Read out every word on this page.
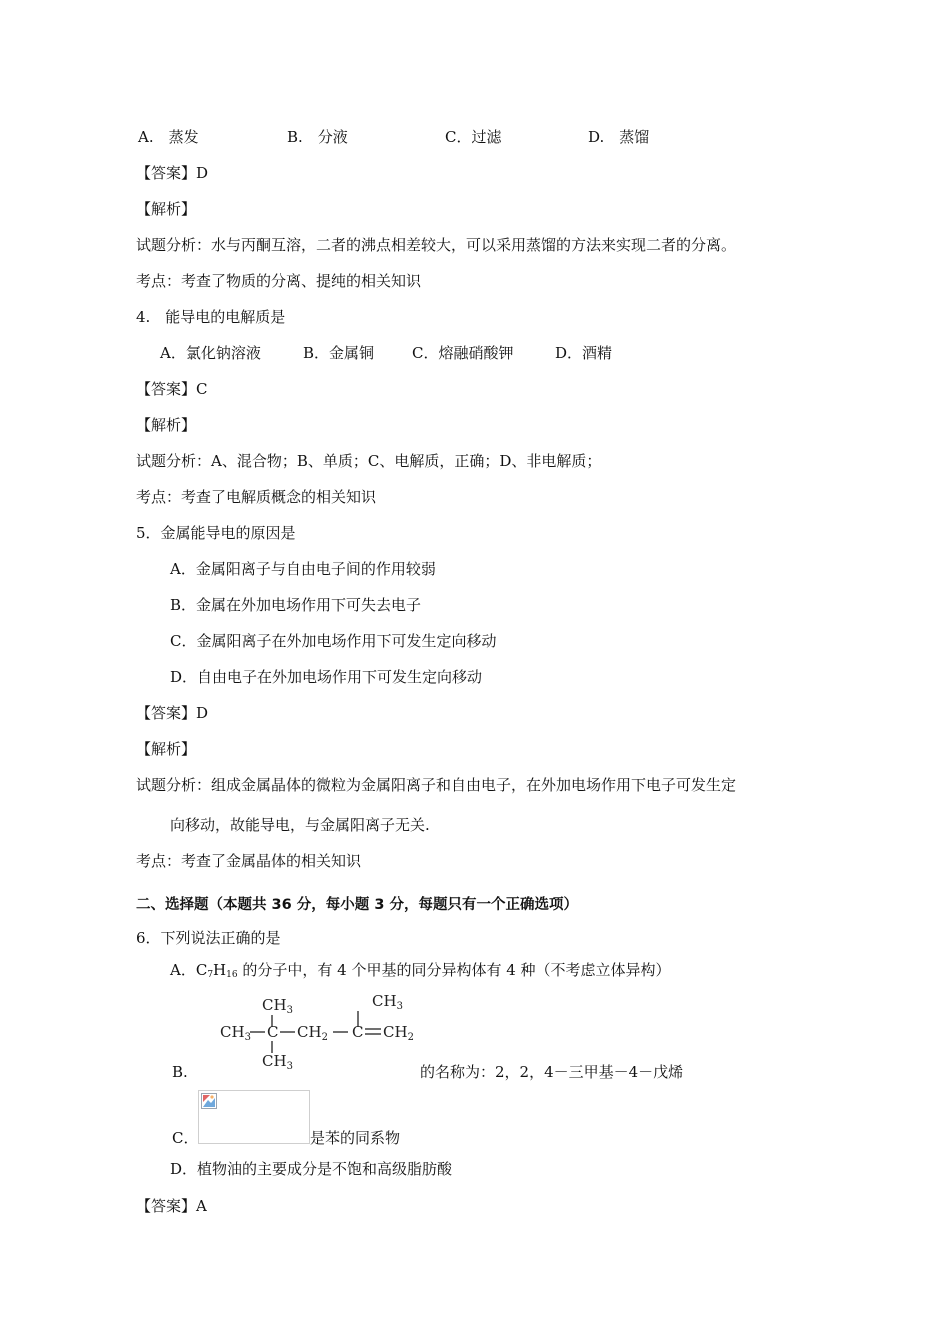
A.　蒸发	B.　分液	C．过滤	D.　蒸馏
【答案】D
【解析】
试题分析：水与丙酮互溶，二者的沸点相差较大，可以采用蒸馏的方法来实现二者的分离。
考点：考查了物质的分离、提纯的相关知识
4.　能导电的电解质是
A．氯化钠溶液	B．金属铜	C．熔融硝酸钾	D．酒精
【答案】C
【解析】
试题分析：A、混合物；B、单质；C、电解质，正确；D、非电解质；
考点：考查了电解质概念的相关知识
5．金属能导电的原因是
A．金属阳离子与自由电子间的作用较弱
B．金属在外加电场作用下可失去电子
C．金属阳离子在外加电场作用下可发生定向移动
D．自由电子在外加电场作用下可发生定向移动
【答案】D
【解析】
试题分析：组成金属晶体的微粒为金属阳离子和自由电子，在外加电场作用下电子可发生定
向移动，故能导电，与金属阳离子无关.
考点：考查了金属晶体的相关知识
二、选择题（本题共 36 分，每小题 3 分，每题只有一个正确选项）
6．下列说法正确的是
A．$C_7H_{16}$ 的分子中，有 4 个甲基的同分异构体有 4 种（不考虑立体异构）
$CH_3$
$CH_3$
$CH_3$ C $CH_2$ C $CH_2$
$CH_3$
B.	的名称为：2，2，4－三甲基－4－戊烯
C．	是苯的同系物
D．植物油的主要成分是不饱和高级脂肪酸
【答案】A
